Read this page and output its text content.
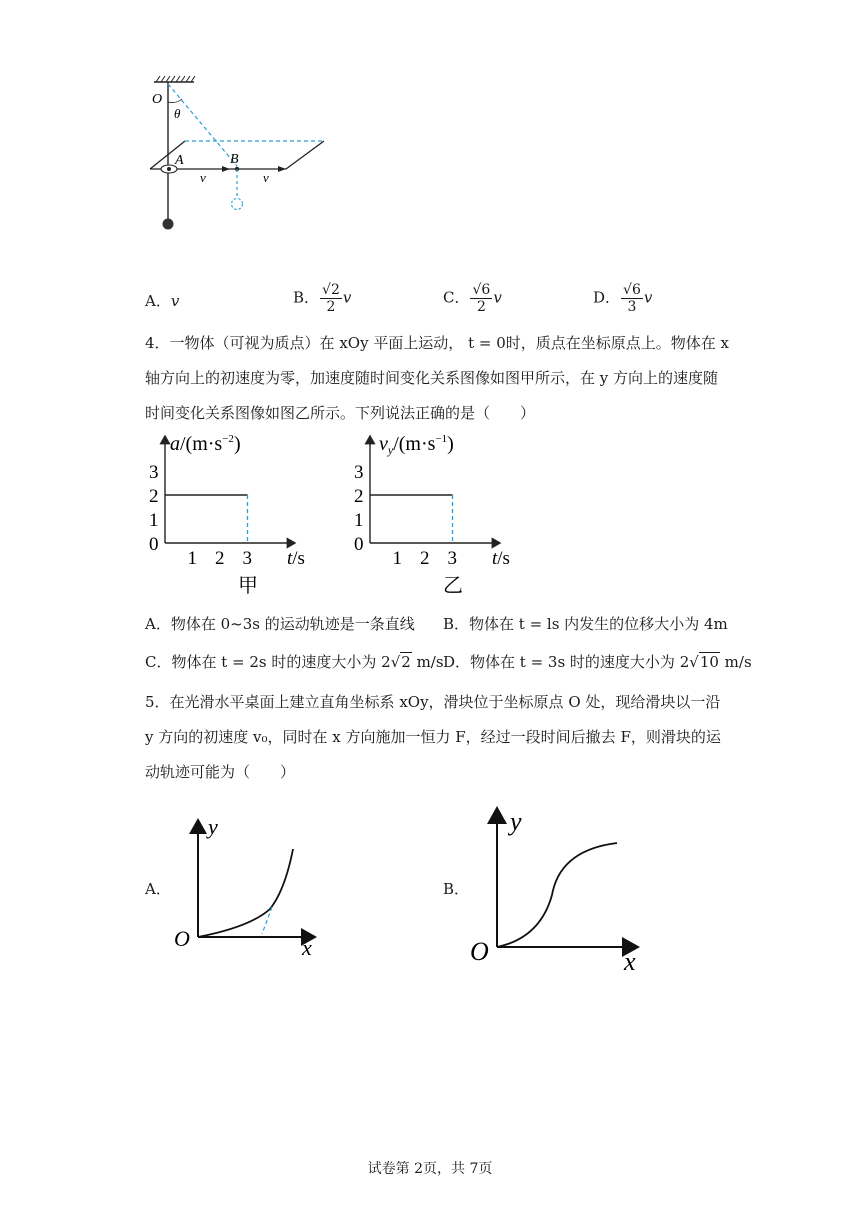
O
θ
A	B
v	v
A．v	B． $\frac{√2}{2}$ v	C． $\frac{√6}{2}$ v	D． $\frac{√6}{3}$ v
4．一物体（可视为质点）在 xOy 平面上运动， t = 0时，质点在坐标原点上。物体在 x
轴方向上的初速度为零，加速度随时间变化关系图像如图甲所示，在 y 方向上的速度随
时间变化关系图像如图乙所示。下列说法正确的是（　　）
$a/(m\cdot s^{-2})$
t/s
甲
0
1
2
3
1 2 3
$v_y/(m\cdot s^{-1})$
t/s
乙
0
1
2
3
1 2 3
A．物体在 0~3s 的运动轨迹是一条直线 B．物体在 t = ls 内发生的位移大小为 4m
C．物体在 t = 2s 时的速度大小为 2√2 m/s D．物体在 t = 3s 时的速度大小为 2√10 m/s
5．在光滑水平桌面上建立直角坐标系 xOy，滑块位于坐标原点 O 处，现给滑块以一沿
y 方向的初速度 v₀，同时在 x 方向施加一恒力 F，经过一段时间后撤去 F，则滑块的运
动轨迹可能为（　　）
A．
y
x
O
B．
y
x
O
试卷第 2页，共 7页
